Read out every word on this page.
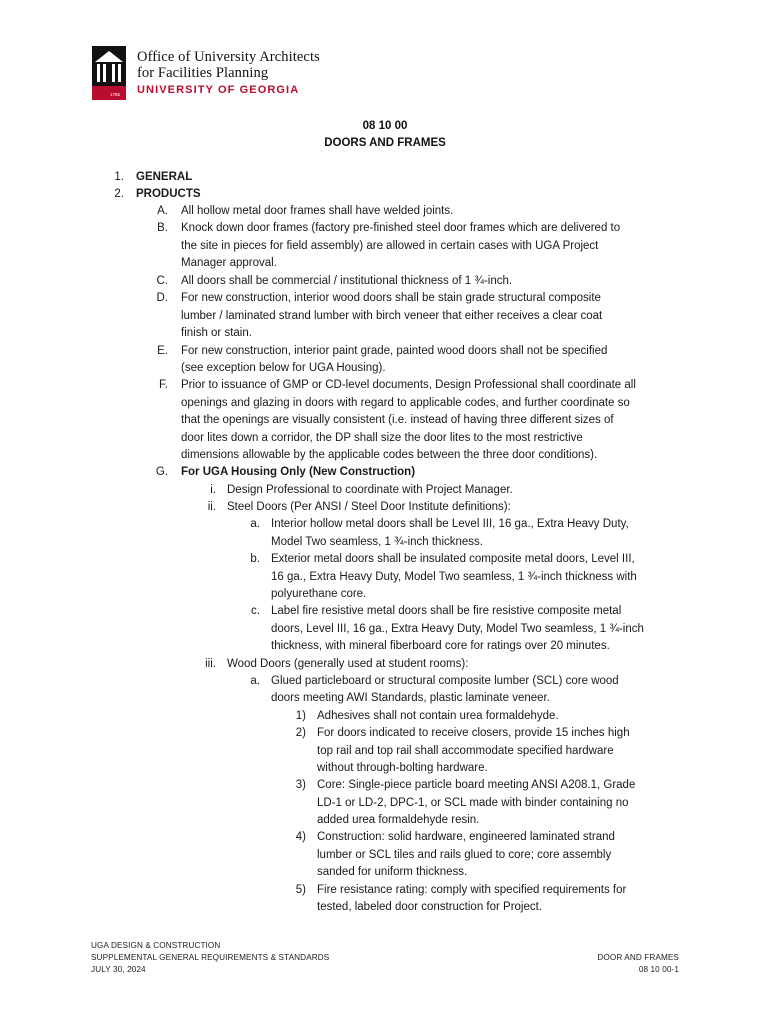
1785
Office of University Architects
for Facilities Planning
UNIVERSITY OF GEORGIA
08 10 00
DOORS AND FRAMES
1. GENERAL
2. PRODUCTS
A. All hollow metal door frames shall have welded joints.
B. Knock down door frames (factory pre-finished steel door frames which are delivered to
the site in pieces for field assembly) are allowed in certain cases with UGA Project
Manager approval.
C. All doors shall be commercial / institutional thickness of 1 ¾-inch.
D. For new construction, interior wood doors shall be stain grade structural composite
lumber / laminated strand lumber with birch veneer that either receives a clear coat
finish or stain.
E. For new construction, interior paint grade, painted wood doors shall not be specified
(see exception below for UGA Housing).
F. Prior to issuance of GMP or CD-level documents, Design Professional shall coordinate all
openings and glazing in doors with regard to applicable codes, and further coordinate so
that the openings are visually consistent (i.e. instead of having three different sizes of
door lites down a corridor, the DP shall size the door lites to the most restrictive
dimensions allowable by the applicable codes between the three door conditions).
G. For UGA Housing Only (New Construction)
i. Design Professional to coordinate with Project Manager.
ii. Steel Doors (Per ANSI / Steel Door Institute definitions):
a. Interior hollow metal doors shall be Level III, 16 ga., Extra Heavy Duty,
Model Two seamless, 1 ¾-inch thickness.
b. Exterior metal doors shall be insulated composite metal doors, Level III,
16 ga., Extra Heavy Duty, Model Two seamless, 1 ¾-inch thickness with
polyurethane core.
c. Label fire resistive metal doors shall be fire resistive composite metal
doors, Level III, 16 ga., Extra Heavy Duty, Model Two seamless, 1 ¾-inch
thickness, with mineral fiberboard core for ratings over 20 minutes.
iii. Wood Doors (generally used at student rooms):
a. Glued particleboard or structural composite lumber (SCL) core wood
doors meeting AWI Standards, plastic laminate veneer.
1) Adhesives shall not contain urea formaldehyde.
2) For doors indicated to receive closers, provide 15 inches high
top rail and top rail shall accommodate specified hardware
without through-bolting hardware.
3) Core: Single-piece particle board meeting ANSI A208.1, Grade
LD-1 or LD-2, DPC-1, or SCL made with binder containing no
added urea formaldehyde resin.
4) Construction: solid hardware, engineered laminated strand
lumber or SCL tiles and rails glued to core; core assembly
sanded for uniform thickness.
5) Fire resistance rating: comply with specified requirements for
tested, labeled door construction for Project.
UGA DESIGN & CONSTRUCTION
SUPPLEMENTAL GENERAL REQUIREMENTS & STANDARDS
JULY 30, 2024
DOOR AND FRAMES
08 10 00-1
